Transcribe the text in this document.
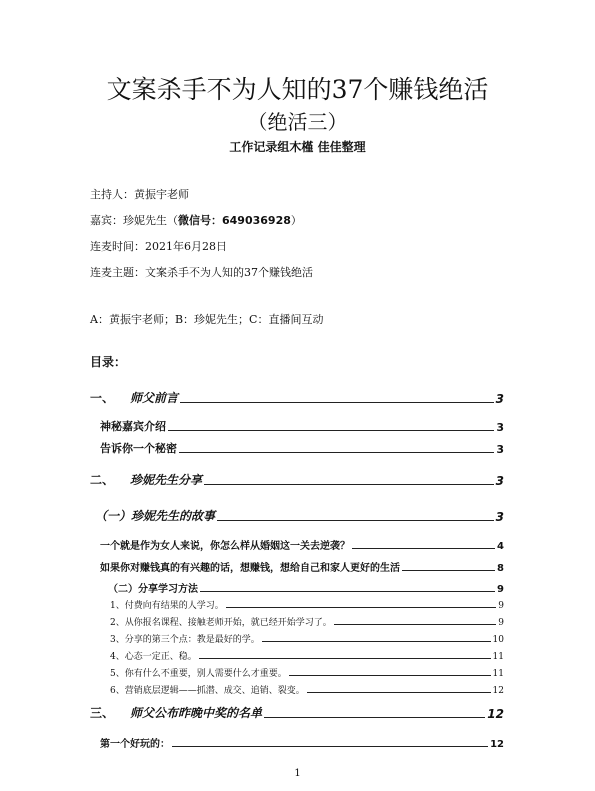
文案杀手不为人知的37个赚钱绝活
（绝活三）
工作记录组木槿 佳佳整理
主持人：黄振宇老师
嘉宾：珍妮先生（微信号：649036928）
连麦时间：2021年6月28日
连麦主题：文案杀手不为人知的37个赚钱绝活
A：黄振宇老师；B：珍妮先生；C：直播间互动
目录：
一、	师父前言	3
神秘嘉宾介绍	3
告诉你一个秘密	3
二、	珍妮先生分享	3
（一）珍妮先生的故事	3
一个就是作为女人来说，你怎么样从婚姻这一关去逆袭？	4
如果你对赚钱真的有兴趣的话，想赚钱，想给自己和家人更好的生活	8
（二）分享学习方法	9
1、付费向有结果的人学习。	9
2、从你报名课程、接触老师开始，就已经开始学习了。	9
3、分享的第三个点：教是最好的学。	10
4、心态一定正、稳。	11
5、你有什么不重要，别人需要什么才重要。	11
6、营销底层逻辑——抓潜、成交、追销、裂变。	12
三、	师父公布昨晚中奖的名单	12
第一个好玩的：	12
1
